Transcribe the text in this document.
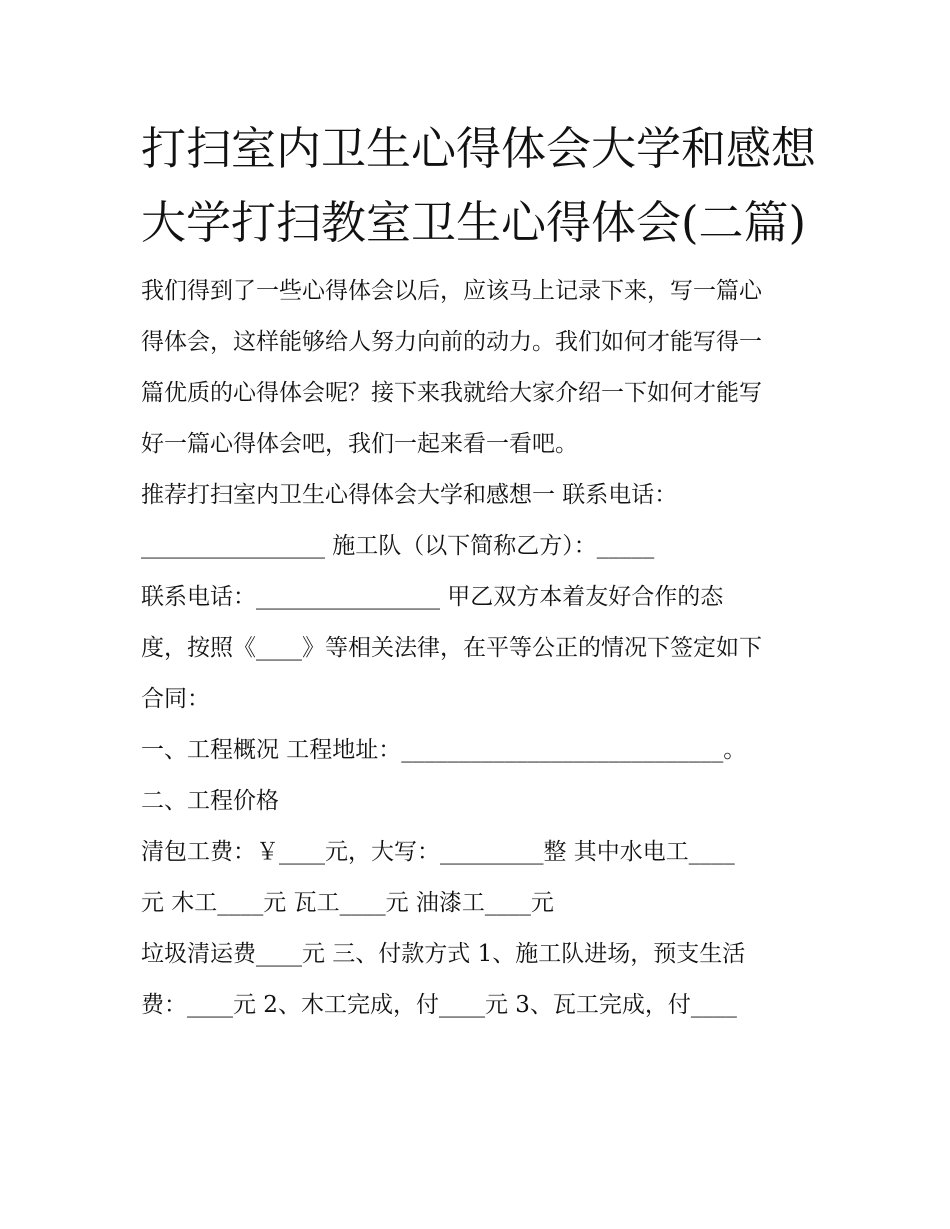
打扫室内卫生心得体会大学和感想 大学打扫教室卫生心得体会(二篇)
我们得到了一些心得体会以后，应该马上记录下来，写一篇心
得体会，这样能够给人努力向前的动力。我们如何才能写得一
篇优质的心得体会呢？接下来我就给大家介绍一下如何才能写
好一篇心得体会吧，我们一起来看一看吧。
推荐打扫室内卫生心得体会大学和感想一 联系电话：
________________ 施工队（以下简称乙方）：_____
联系电话：________________ 甲乙双方本着友好合作的态
度，按照《____》等相关法律，在平等公正的情况下签定如下
合同：
一、工程概况 工程地址：____________________________。
二、工程价格
清包工费：￥____元，大写：_________整 其中水电工____
元 木工____元 瓦工____元 油漆工____元
垃圾清运费____元 三、付款方式 1、施工队进场，预支生活
费：____元 2、木工完成，付____元 3、瓦工完成，付____
